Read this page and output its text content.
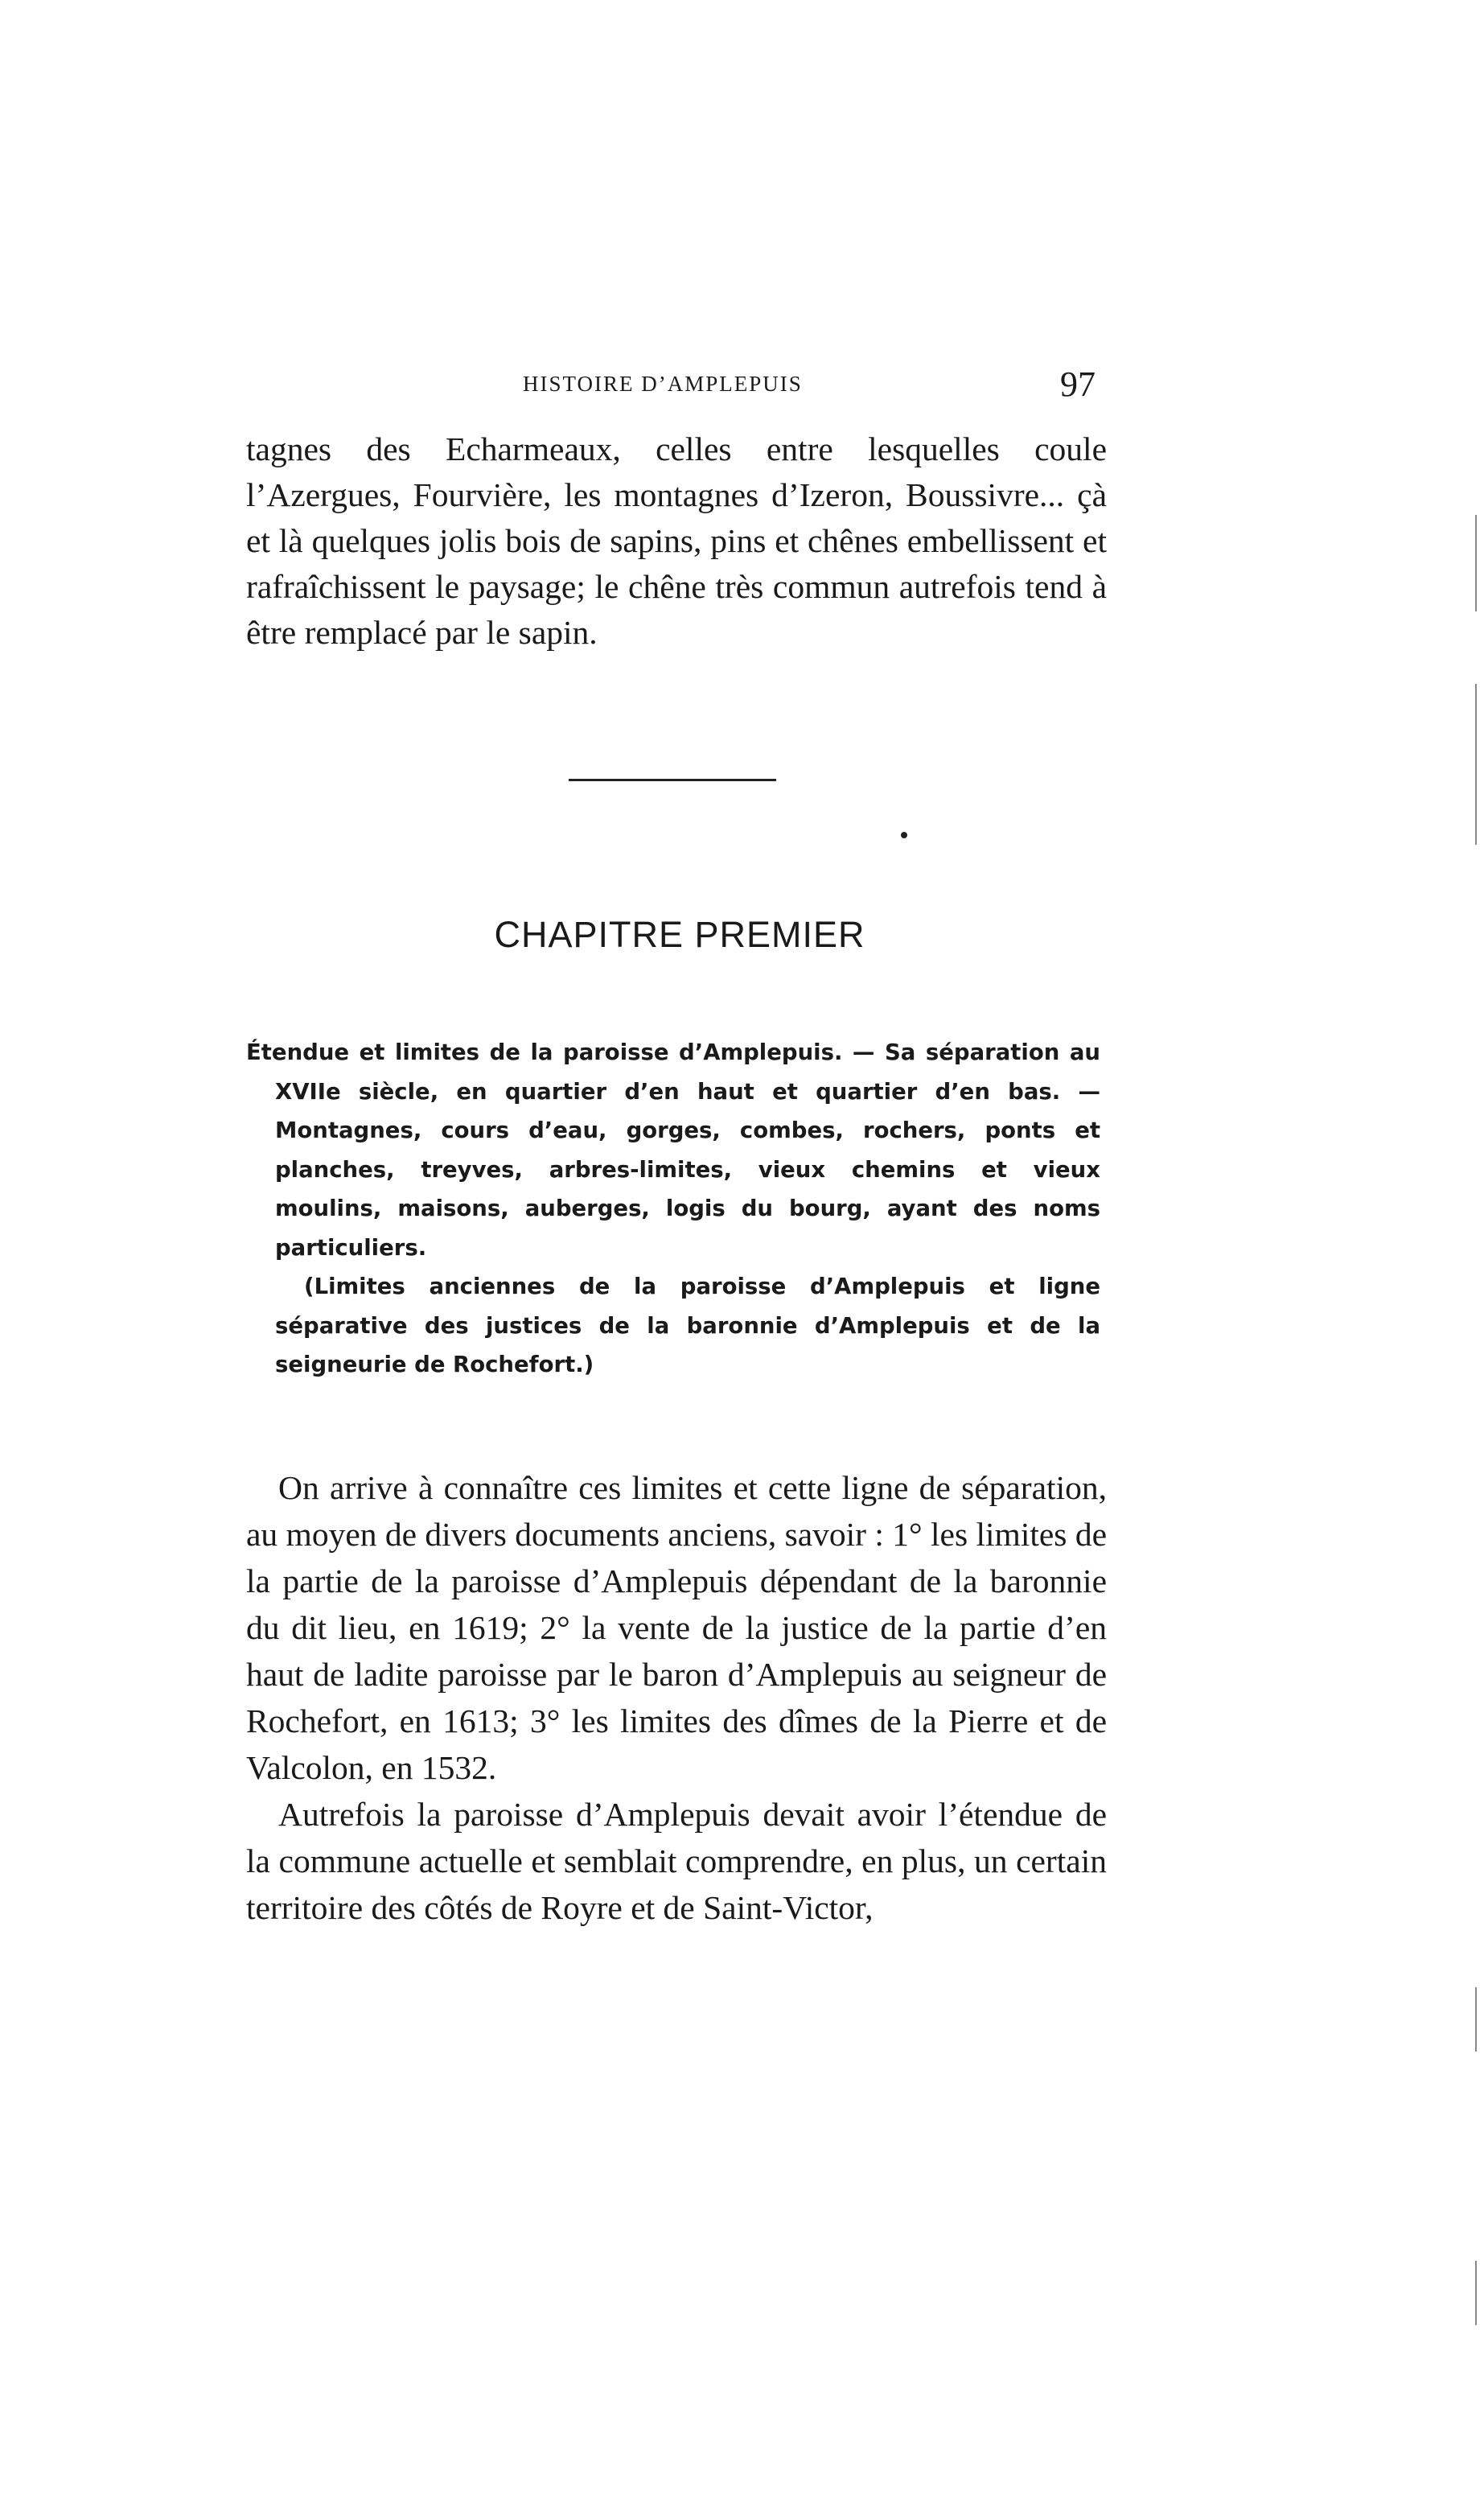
HISTOIRE D’AMPLEPUIS	97

tagnes des Echarmeaux, celles entre lesquelles coule l’Azergues, Fourvière, les montagnes d’Izeron, Boussivre... çà et là quelques jolis bois de sapins, pins et chênes embellissent et rafraîchissent le paysage; le chêne très commun autrefois tend à être remplacé par le sapin.

CHAPITRE PREMIER

Étendue et limites de la paroisse d’Amplepuis. — Sa séparation au XVIIe siècle, en quartier d’en haut et quartier d’en bas. — Montagnes, cours d’eau, gorges, combes, rochers, ponts et planches, treyves, arbres-limites, vieux chemins et vieux moulins, maisons, auberges, logis du bourg, ayant des noms particuliers.

(Limites anciennes de la paroisse d’Amplepuis et ligne séparative des justices de la baronnie d’Amplepuis et de la seigneurie de Rochefort.)

On arrive à connaître ces limites et cette ligne de séparation, au moyen de divers documents anciens, savoir : 1° les limites de la partie de la paroisse d’Amplepuis dépendant de la baronnie du dit lieu, en 1619; 2° la vente de la justice de la partie d’en haut de ladite paroisse par le baron d’Amplepuis au seigneur de Rochefort, en 1613; 3° les limites des dîmes de la Pierre et de Valcolon, en 1532.

Autrefois la paroisse d’Amplepuis devait avoir l’étendue de la commune actuelle et semblait comprendre, en plus, un certain territoire des côtés de Royre et de Saint-Victor,
